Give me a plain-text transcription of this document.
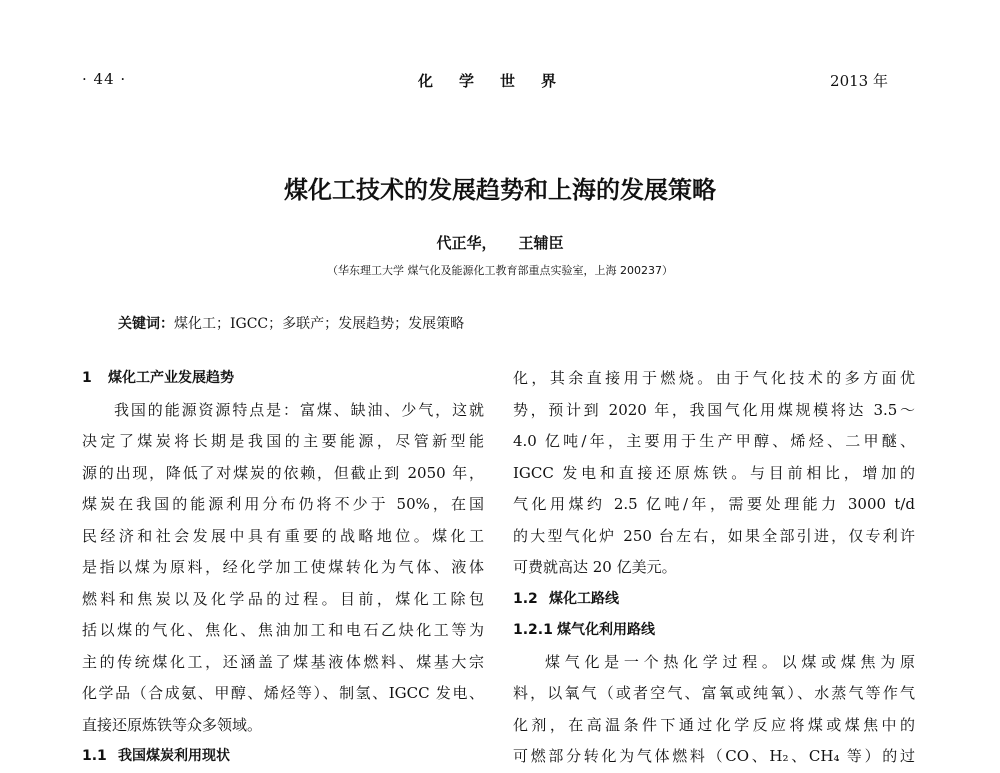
· 44 ·	化学世界	2013 年
煤化工技术的发展趋势和上海的发展策略
代正华， 王辅臣
（华东理工大学 煤气化及能源化工教育部重点实验室，上海 200237）
关键词：煤化工；IGCC；多联产；发展趋势；发展策略
1 煤化工产业发展趋势
我国的能源资源特点是：富煤、缺油、少气，这就
决定了煤炭将长期是我国的主要能源，尽管新型能
源的出现，降低了对煤炭的依赖，但截止到 2050 年，
煤炭在我国的能源利用分布仍将不少于 50%，在国
民经济和社会发展中具有重要的战略地位。煤化工
是指以煤为原料，经化学加工使煤转化为气体、液体
燃料和焦炭以及化学品的过程。目前，煤化工除包
括以煤的气化、焦化、焦油加工和电石乙炔化工等为
主的传统煤化工，还涵盖了煤基液体燃料、煤基大宗
化学品（合成氨、甲醇、烯烃等）、制氢、IGCC 发电、
直接还原炼铁等众多领域。
1.1 我国煤炭利用现状
化，其余直接用于燃烧。由于气化技术的多方面优
势，预计到 2020 年，我国气化用煤规模将达 3.5～
4.0 亿吨/年，主要用于生产甲醇、烯烃、二甲醚、
IGCC 发电和直接还原炼铁。与目前相比，增加的
气化用煤约 2.5 亿吨/年，需要处理能力 3000 t/d
的大型气化炉 250 台左右，如果全部引进，仅专利许
可费就高达 20 亿美元。
1.2 煤化工路线
1.2.1 煤气化利用路线
煤气化是一个热化学过程。以煤或煤焦为原
料，以氧气（或者空气、富氧或纯氧）、水蒸气等作气
化剂，在高温条件下通过化学反应将煤或煤焦中的
可燃部分转化为气体燃料（CO、H₂、CH₄ 等）的过
